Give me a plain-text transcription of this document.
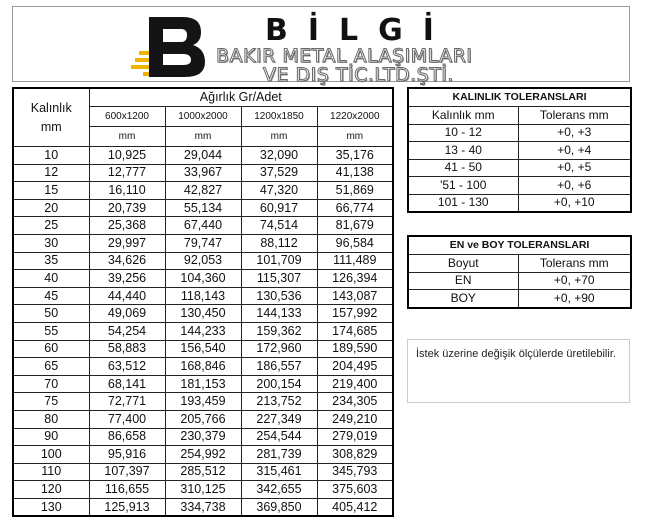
BİLGİ
BAKIR METAL ALAŞIMLARI
VE DIŞ TİC.LTD.ŞTİ.
Kalınlık
mm	Ağırlık Gr/Adet			
	600x1200	1000x2000	1200x1850	1220x2000
	mm	mm	mm	mm
10	10,925	29,044	32,090	35,176
12	12,777	33,967	37,529	41,138
15	16,110	42,827	47,320	51,869
20	20,739	55,134	60,917	66,774
25	25,368	67,440	74,514	81,679
30	29,997	79,747	88,112	96,584
35	34,626	92,053	101,709	111,489
40	39,256	104,360	115,307	126,394
45	44,440	118,143	130,536	143,087
50	49,069	130,450	144,133	157,992
55	54,254	144,233	159,362	174,685
60	58,883	156,540	172,960	189,590
65	63,512	168,846	186,557	204,495
70	68,141	181,153	200,154	219,400
75	72,771	193,459	213,752	234,305
80	77,400	205,766	227,349	249,210
90	86,658	230,379	254,544	279,019
100	95,916	254,992	281,739	308,829
110	107,397	285,512	315,461	345,793
120	116,655	310,125	342,655	375,603
130	125,913	334,738	369,850	405,412
KALINLIK TOLERANSLARI	
Kalınlık mm	Tolerans mm
10 - 12	+0, +3
13 - 40	+0, +4
41 - 50	+0, +5
'51 - 100	+0, +6
101 - 130	+0, +10
EN ve BOY TOLERANSLARI	
Boyut	Tolerans mm
EN	+0, +70
BOY	+0, +90
İstek üzerine değişik ölçülerde üretilebilir.
